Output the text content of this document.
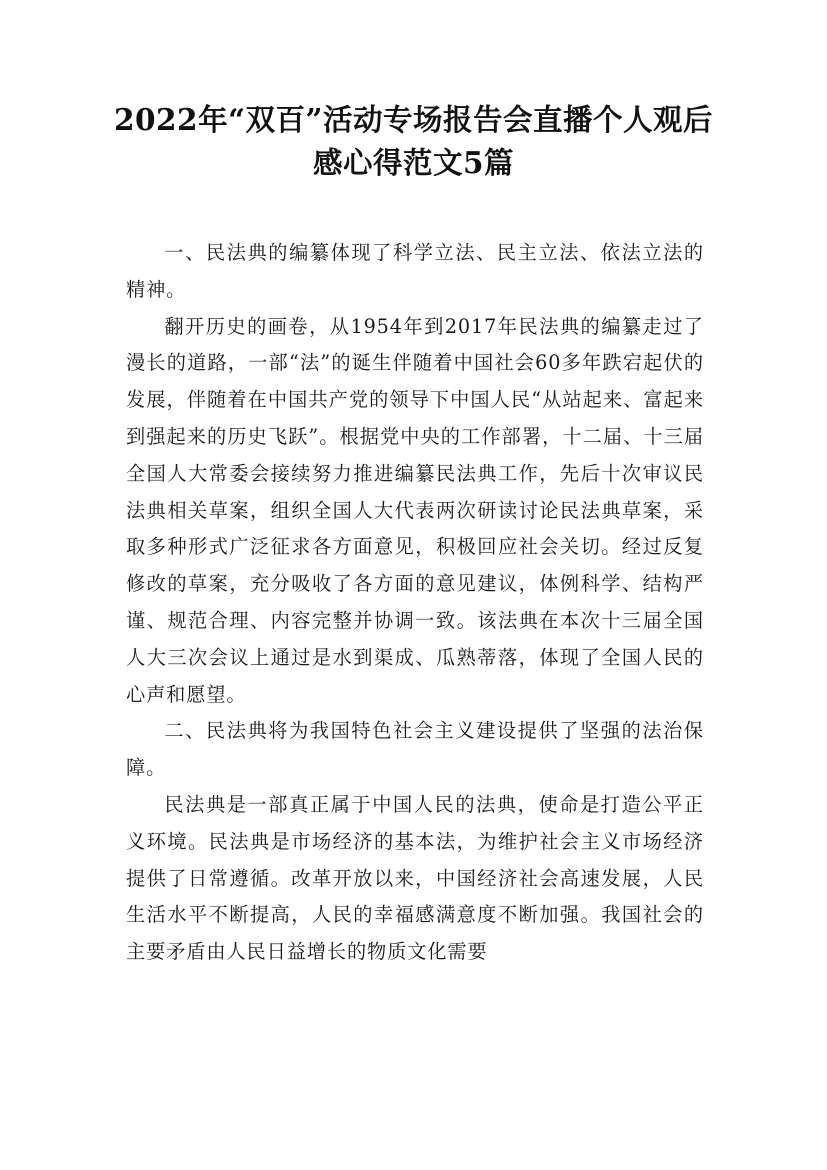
2022年“双百”活动专场报告会直播个人观后感心得范文5篇

一、民法典的编纂体现了科学立法、民主立法、依法立法的精神。

翻开历史的画卷，从1954年到2017年民法典的编纂走过了漫长的道路，一部“法”的诞生伴随着中国社会60多年跌宕起伏的发展，伴随着在中国共产党的领导下中国人民“从站起来、富起来到强起来的历史飞跃”。根据党中央的工作部署，十二届、十三届全国人大常委会接续努力推进编纂民法典工作，先后十次审议民法典相关草案，组织全国人大代表两次研读讨论民法典草案，采取多种形式广泛征求各方面意见，积极回应社会关切。经过反复修改的草案，充分吸收了各方面的意见建议，体例科学、结构严谨、规范合理、内容完整并协调一致。该法典在本次十三届全国人大三次会议上通过是水到渠成、瓜熟蒂落，体现了全国人民的心声和愿望。

二、民法典将为我国特色社会主义建设提供了坚强的法治保障。

民法典是一部真正属于中国人民的法典，使命是打造公平正义环境。民法典是市场经济的基本法，为维护社会主义市场经济提供了日常遵循。改革开放以来，中国经济社会高速发展，人民生活水平不断提高，人民的幸福感满意度不断加强。我国社会的主要矛盾由人民日益增长的物质文化需要
